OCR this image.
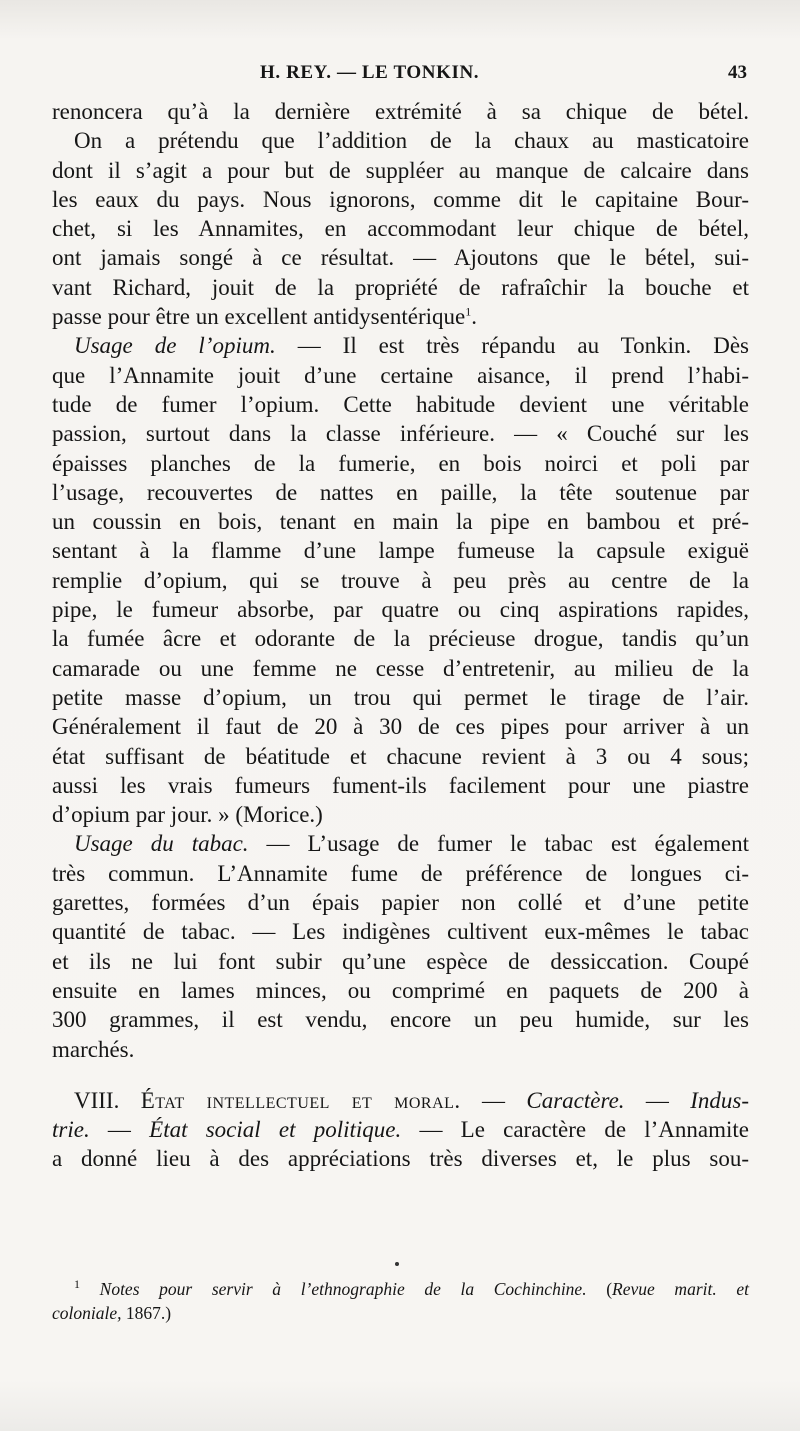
H. REY. — LE TONKIN.	43
renoncera qu’à la dernière extrémité à sa chique de bétel.
On a prétendu que l’addition de la chaux au masticatoire
dont il s’agit a pour but de suppléer au manque de calcaire dans
les eaux du pays. Nous ignorons, comme dit le capitaine Bour-
chet, si les Annamites, en accommodant leur chique de bétel,
ont jamais songé à ce résultat. — Ajoutons que le bétel, sui-
vant Richard, jouit de la propriété de rafraîchir la bouche et
passe pour être un excellent antidysentérique$^1$.
Usage de l’opium. — Il est très répandu au Tonkin. Dès
que l’Annamite jouit d’une certaine aisance, il prend l’habi-
tude de fumer l’opium. Cette habitude devient une véritable
passion, surtout dans la classe inférieure. — « Couché sur les
épaisses planches de la fumerie, en bois noirci et poli par
l’usage, recouvertes de nattes en paille, la tête soutenue par
un coussin en bois, tenant en main la pipe en bambou et pré-
sentant à la flamme d’une lampe fumeuse la capsule exiguë
remplie d’opium, qui se trouve à peu près au centre de la
pipe, le fumeur absorbe, par quatre ou cinq aspirations rapides,
la fumée âcre et odorante de la précieuse drogue, tandis qu’un
camarade ou une femme ne cesse d’entretenir, au milieu de la
petite masse d’opium, un trou qui permet le tirage de l’air.
Généralement il faut de 20 à 30 de ces pipes pour arriver à un
état suffisant de béatitude et chacune revient à 3 ou 4 sous;
aussi les vrais fumeurs fument-ils facilement pour une piastre
d’opium par jour. » (Morice.)
Usage du tabac. — L’usage de fumer le tabac est également
très commun. L’Annamite fume de préférence de longues ci-
garettes, formées d’un épais papier non collé et d’une petite
quantité de tabac. — Les indigènes cultivent eux-mêmes le tabac
et ils ne lui font subir qu’une espèce de dessiccation. Coupé
ensuite en lames minces, ou comprimé en paquets de 200 à
300 grammes, il est vendu, encore un peu humide, sur les
marchés.
VIII. État intellectuel et moral. — Caractère. — Indus-
trie. — État social et politique. — Le caractère de l’Annamite
a donné lieu à des appréciations très diverses et, le plus sou-
$^1$ Notes pour servir à l’ethnographie de la Cochinchine. (Revue marit. et
coloniale, 1867.)
